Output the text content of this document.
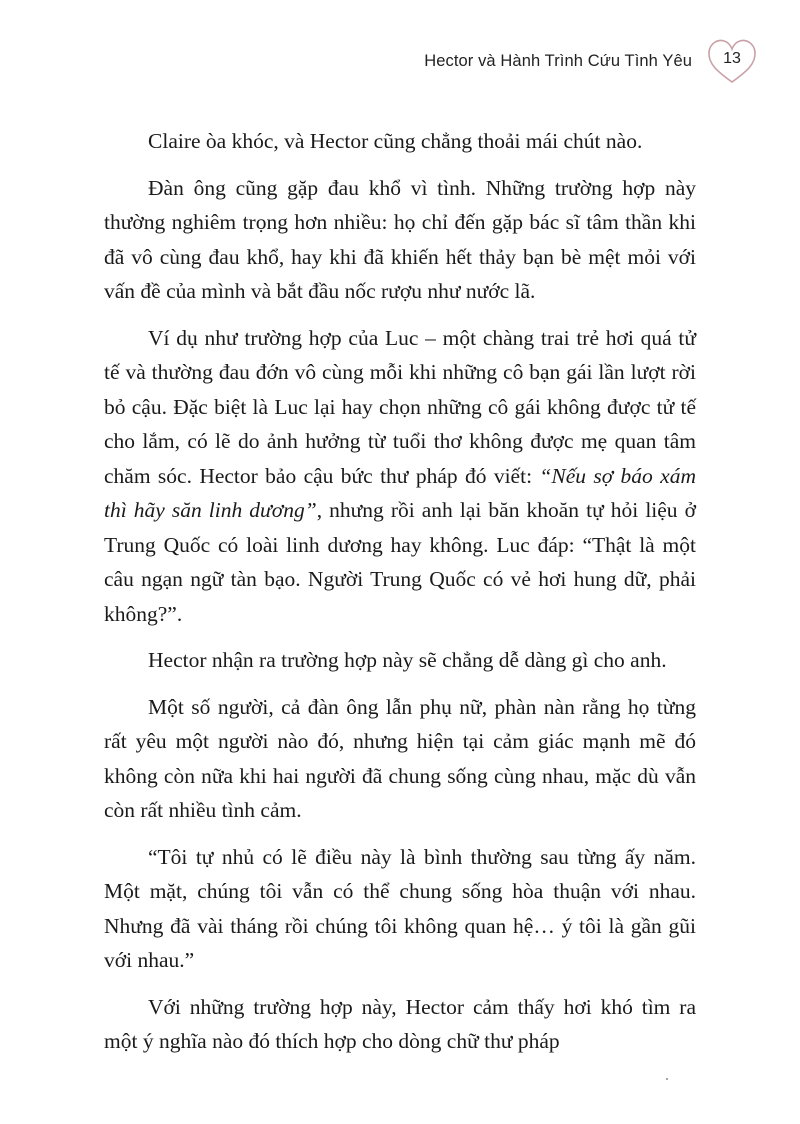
Hector và Hành Trình Cứu Tình Yêu	13

Claire òa khóc, và Hector cũng chẳng thoải mái chút nào.

Đàn ông cũng gặp đau khổ vì tình. Những trường hợp này thường nghiêm trọng hơn nhiều: họ chỉ đến gặp bác sĩ tâm thần khi đã vô cùng đau khổ, hay khi đã khiến hết thảy bạn bè mệt mỏi với vấn đề của mình và bắt đầu nốc rượu như nước lã.

Ví dụ như trường hợp của Luc – một chàng trai trẻ hơi quá tử tế và thường đau đớn vô cùng mỗi khi những cô bạn gái lần lượt rời bỏ cậu. Đặc biệt là Luc lại hay chọn những cô gái không được tử tế cho lắm, có lẽ do ảnh hưởng từ tuổi thơ không được mẹ quan tâm chăm sóc. Hector bảo cậu bức thư pháp đó viết: “Nếu sợ báo xám thì hãy săn linh dương”, nhưng rồi anh lại băn khoăn tự hỏi liệu ở Trung Quốc có loài linh dương hay không. Luc đáp: “Thật là một câu ngạn ngữ tàn bạo. Người Trung Quốc có vẻ hơi hung dữ, phải không?”.

Hector nhận ra trường hợp này sẽ chẳng dễ dàng gì cho anh.

Một số người, cả đàn ông lẫn phụ nữ, phàn nàn rằng họ từng rất yêu một người nào đó, nhưng hiện tại cảm giác mạnh mẽ đó không còn nữa khi hai người đã chung sống cùng nhau, mặc dù vẫn còn rất nhiều tình cảm.

“Tôi tự nhủ có lẽ điều này là bình thường sau từng ấy năm. Một mặt, chúng tôi vẫn có thể chung sống hòa thuận với nhau. Nhưng đã vài tháng rồi chúng tôi không quan hệ… ý tôi là gần gũi với nhau.”

Với những trường hợp này, Hector cảm thấy hơi khó tìm ra một ý nghĩa nào đó thích hợp cho dòng chữ thư pháp
